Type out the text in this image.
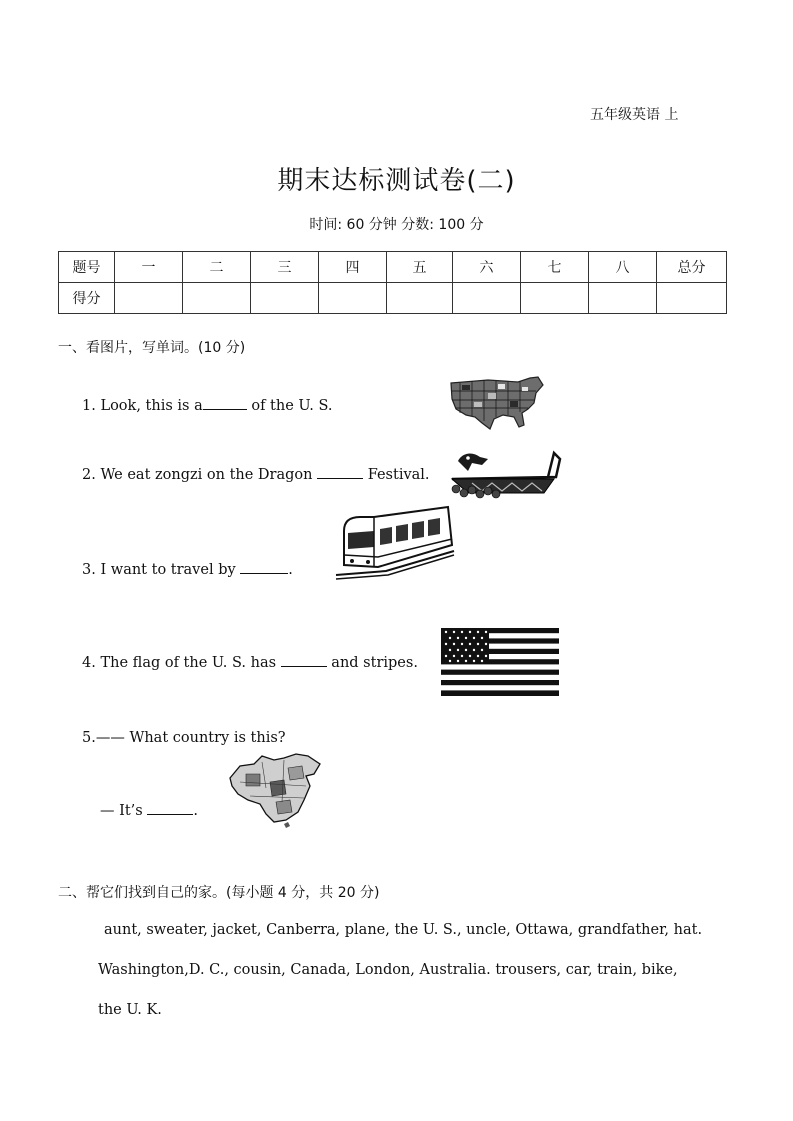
五年级英语 上
期末达标测试卷(二)
时间: 60 分钟 分数: 100 分
题号	一	二	三	四	五	六	七	八	总分
得分									
一、看图片，写单词。(10 分)
1. Look, this is a	of the U. S.
2. We eat zongzi on the Dragon	Festival.
3. I want to travel by	.
4. The flag of the U. S. has	and stripes.
5.—— What country is this?
— It’s	.
二、帮它们找到自己的家。(每小题 4 分，共 20 分)
aunt, sweater, jacket, Canberra, plane, the U. S., uncle, Ottawa, grandfather, hat.
Washington,D. C., cousin, Canada, London, Australia. trousers, car, train, bike,
the U. K.
